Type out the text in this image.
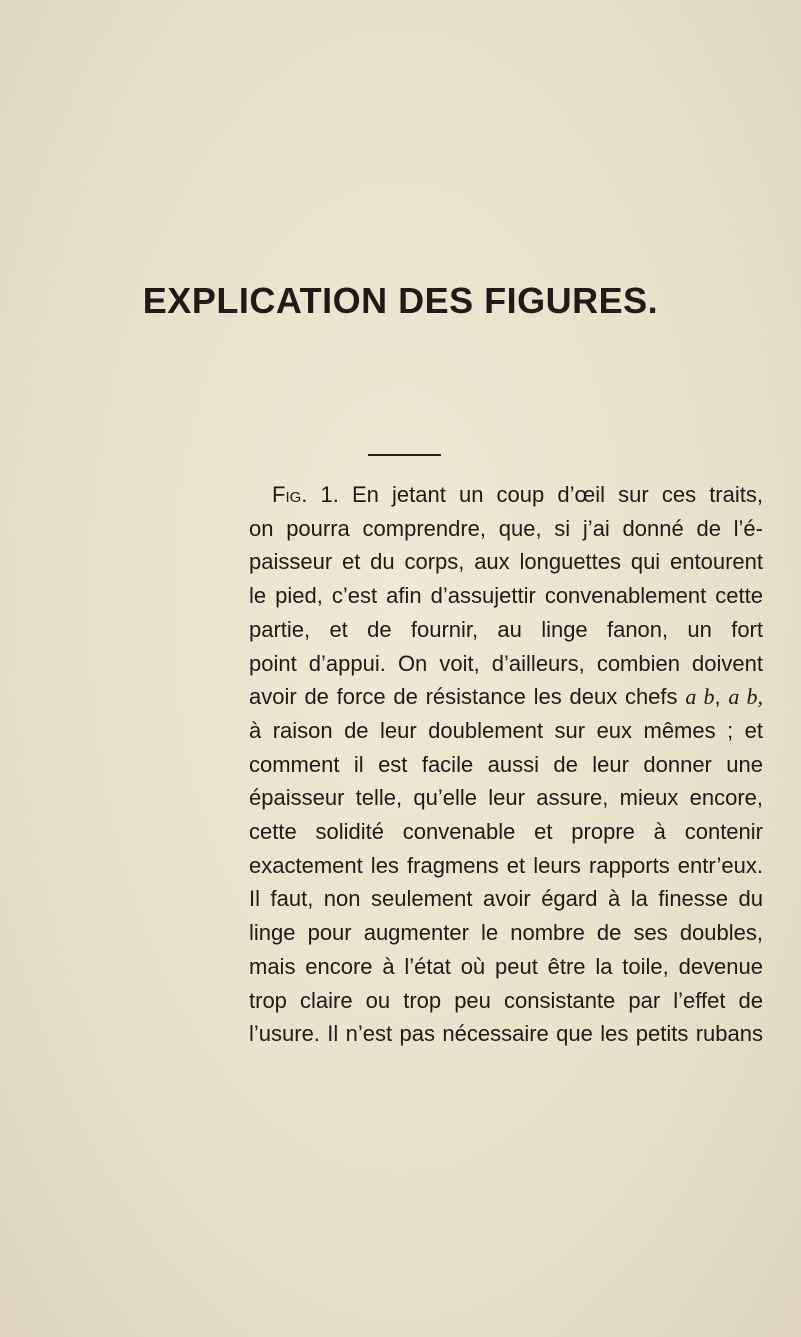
EXPLICATION DES FIGURES.
Fig. 1. En jetant un coup d’œil sur ces traits,
on pourra comprendre, que, si j’ai donné de l’é-
paisseur et du corps, aux longuettes qui entourent
le pied, c’est afin d’assujettir convenablement cette
partie, et de fournir, au linge fanon, un fort
point d’appui. On voit, d’ailleurs, combien doivent
avoir de force de résistance les deux chefs a b, a b,
à raison de leur doublement sur eux mêmes ; et
comment il est facile aussi de leur donner une
épaisseur telle, qu’elle leur assure, mieux encore,
cette solidité convenable et propre à contenir
exactement les fragmens et leurs rapports entr’eux.
Il faut, non seulement avoir égard à la finesse du
linge pour augmenter le nombre de ses doubles,
mais encore à l’état où peut être la toile, devenue
trop claire ou trop peu consistante par l’effet de
l’usure. Il n’est pas nécessaire que les petits rubans
